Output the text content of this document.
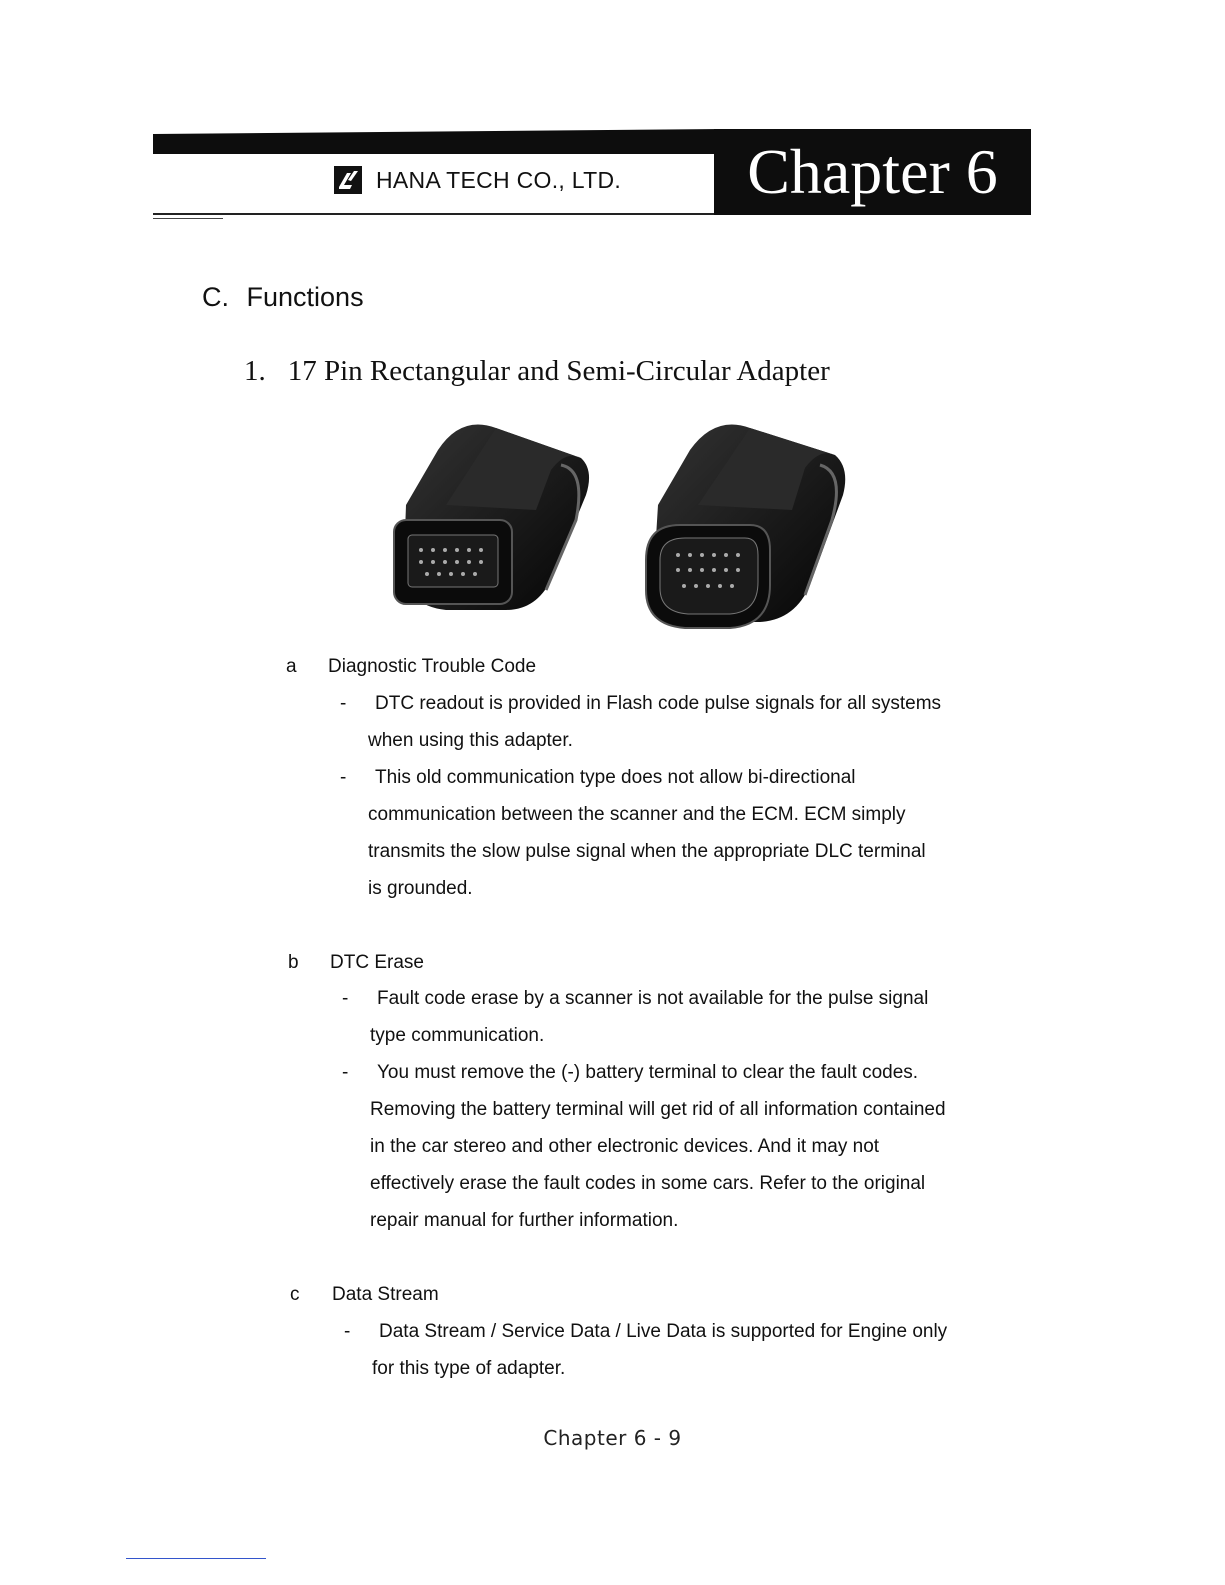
HANA TECH CO., LTD. Chapter 6
C. Functions
1. 17 Pin Rectangular and Semi-Circular Adapter
a	Diagnostic Trouble Code
-	DTC readout is provided in Flash code pulse signals for all systems

when using this adapter.

-	This old communication type does not allow bi-directional

communication between the scanner and the ECM. ECM simply

transmits the slow pulse signal when the appropriate DLC terminal

is grounded.

b	DTC Erase
-	Fault code erase by a scanner is not available for the pulse signal

type communication.

-	You must remove the (-) battery terminal to clear the fault codes.

Removing the battery terminal will get rid of all information contained

in the car stereo and other electronic devices. And it may not

effectively erase the fault codes in some cars. Refer to the original

repair manual for further information.

c	Data Stream
-	Data Stream / Service Data / Live Data is supported for Engine only

for this type of adapter.

Chapter 6 - 9
